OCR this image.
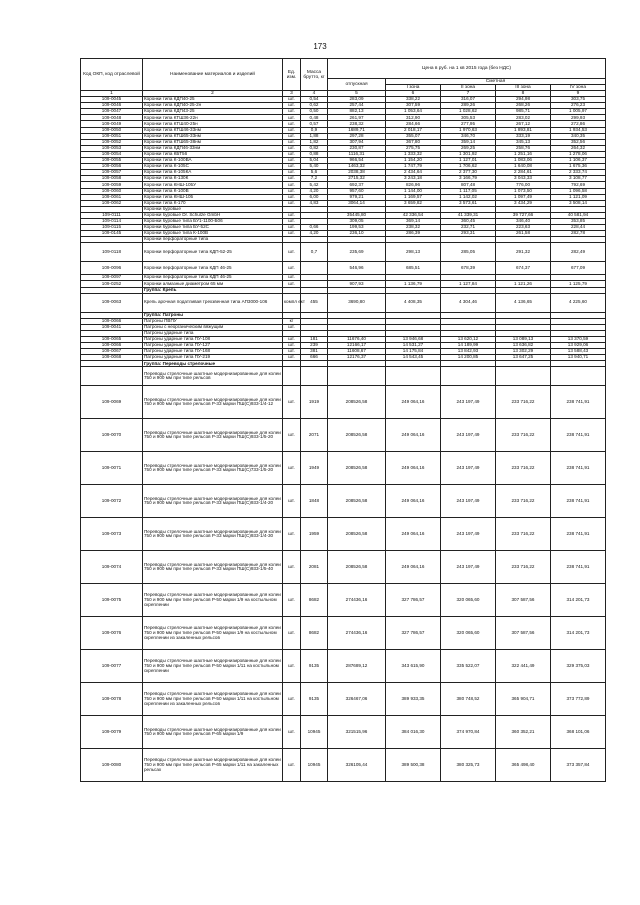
173
Код ОКП, код отраслевой	Наименование материалов и изделий	Ед. изм.	Масса брутто, кг	Цена в руб. на 1 кв 2015 года (без НДС)				
				отпускная	Сметная			
					I зона	II зона	III зона	IV зона
1	2	3	4	5	6	7	8	9
109-0045	Коронки типа КДП40-25	шт.	0,54	283,09	338,22	316,07	294,98	303,75
109-0046	Коронки типа КДП40-25-2н	шт.	0,62	257,44	307,59	289,26	268,26	276,23
109-0047	Коронки типа КДП43-25	шт.	0,50	882,13	1 053,64	1 028,62	985,71	1 005,97
109-0048	Коронки типа КТШ36-22н	шт.	0,48	261,97	312,90	305,53	283,02	299,93
109-0049	Коронки типа КТШ40-25н	шт.	0,57	238,32	284,66	277,95	267,12	272,86
109-0050	Коронки типа КТШ46-33нм	шт.	0,9	1689,71	2 018,17	1 970,63	1 893,81	1 934,53
109-0051	Коронки типа КТШ65-33нм	шт.	1,88	297,28	355,07	346,70	333,19	340,35
109-0052	Коронки типа КТШ65-38нм	шт.	1,82	307,94	367,80	359,14	345,13	352,56
109-0053	Коронки типа КДП46-33нм	шт.	0,82	230,87	275,75	269,25	258,76	264,32
109-0054	Коронки типа КБТ56	шт.	0,88	1116,31	1 333,32	1 301,92	1 251,16	1 278,06
109-0055	Коронки типа К-100ВА	шт.	5,04	966,54	1 154,20	1 127,01	1 083,06	1 106,37
109-0056	Коронки типа К-105С	шт.	5,40	1463,32	1 747,79	1 706,62	1 640,08	1 675,36
109-0057	Коронки типа К-105КА	шт.	5,6	2038,38	2 434,64	2 377,30	2 284,61	2 333,74
109-0058	Коронки типа К-130К	шт.	7,2	2715,32	3 243,18	3 166,79	3 043,33	3 108,77
109-0059	Коронки типа КНШ-105У	шт.	5,42	692,37	826,96	807,48	776,00	792,69
109-0060	Коронки типа К-100В	шт.	4,20	957,60	1 144,00	1 117,05	1 073,50	1 096,58
109-0061	Коронки типа КНШ-105	шт.	6,00	979,21	1 169,57	1 142,02	1 097,49	1 121,09
109-0062	Коронки типа К-170	шт.	4,83	3064,14	3 659,82	3 573,61	3 434,29	3 508,14
	Коронки буровые							
109-0111	Коронки буровые Dr. Schulze GmbH	шт.		35445,80	42 336,54	41 339,31	39 727,66	40 581,94
109-0114	Коронки буровые типа БУ1-1100-Б06	шт.		309,05	369,14	360,45	346,40	353,85
109-0115	Коронки буровые типа БУ-52С	шт.	0,66	199,53	238,32	232,71	223,63	228,44
109-0145	Коронки буровые типа К-100В	шт.	4,20	236,10	286,39	293,31	261,58	282,78
	Коронки перфораторные типа							
109-0118	Коронки перфораторные типа КДП-52-25	шт.	0,7	235,69	298,13	285,05	291,32	282,49
109-0096	Коронки перфораторные типа КДП 46-25	шт.		546,96	685,51	678,39	674,37	677,09
109-0097	Коронки перфораторные типа КДП 46-25	шт.						
109-0252	Коронки алмазные диаметром 65 мм	шт.		907,93	1 136,79	1 127,84	1 121,26	1 125,79
	Группа: Крепь							
109-0063	Крепь арочная податливая трехзвенная типа АП3000-106	компл ект	455	3690,80	4 408,35	4 304,46	4 136,65	4 225,60
	Группа: Патроны							
109-0066	Патроны ПВПУ	кг						
109-0041	Патроны с неорганическим вяжущим	шт.						
	Патроны ударные типа							
109-0065	Патроны ударные типа ПУ-108	шт.	181	11676,40	13 946,68	13 620,12	13 089,13	13 370,59
109-0066	Патроны ударные типа ПУ-127	шт.	239	12166,17	14 531,27	14 189,99	13 636,82	13 929,06
109-0067	Патроны ударные типа ПУ-168	шт.	381	11608,67	14 175,84	13 842,93	13 302,29	13 588,43
109-0068	Патроны ударные типа ПУ-219	шт.	666	12176,37	14 543,45	14 200,85	13 647,25	13 940,71
	Группа: Переводы стрелочные							
	Переводы стрелочные шахтные модернизированные для колеи 750 и 900 мм при типе рельсов							
109-0069	Переводы стрелочные шахтные модернизированные для колеи 750 и 900 мм при типе рельсов Р-33 марки ПШ(С)933-1/4-12	шт.	1919	208526,58	249 064,16	243 197,49	233 716,22	238 741,91
109-0070	Переводы стрелочные шахтные модернизированные для колеи 750 и 900 мм при типе рельсов Р-33 марки ПШ(С)933-1/5-20	шт.	2071	208526,58	249 064,16	243 197,49	233 716,22	238 741,91
109-0071	Переводы стрелочные шахтные модернизированные для колеи 750 и 900 мм при типе рельсов Р-33 марки ПШ(С)733-1/5-20	шт.	1949	208526,58	249 064,16	243 197,49	233 716,22	238 741,91
109-0072	Переводы стрелочные шахтные модернизированные для колеи 750 и 900 мм при типе рельсов Р-33 марки ПШ(С)933-1/4-20	шт.	1848	208526,58	249 064,16	243 197,49	233 716,22	238 741,91
109-0073	Переводы стрелочные шахтные модернизированные для колеи 750 и 900 мм при типе рельсов Р-33 марки ПШ(С)933-1/4-30	шт.	1959	208526,58	249 064,16	243 197,49	233 716,22	238 741,91
109-0074	Переводы стрелочные шахтные модернизированные для колеи 750 и 900 мм при типе рельсов Р-33 марки ПШ(С)933-1/5-40	шт.	2081	208526,58	249 064,16	243 197,49	233 716,22	238 741,91
109-0075	Переводы стрелочные шахтные модернизированные для колеи 750 и 900 мм при типе рельсов Р-50 марки 1/9 на костыльном скреплении	шт.	8682	274436,16	327 786,57	320 065,60	307 587,56	314 201,73
109-0076	Переводы стрелочные шахтные модернизированные для колеи 750 и 900 мм при типе рельсов Р-50 марки 1/9 на костыльном скреплении из закаленных рельсов	шт.	8682	274436,16	327 786,57	320 065,60	307 587,56	314 201,73
109-0077	Переводы стрелочные шахтные модернизированные для колеи 750 и 900 мм при типе рельсов Р-50 марки 1/11 на костыльном скреплении	шт.	9135	287689,12	343 615,90	335 522,07	322 441,49	329 375,03
109-0078	Переводы стрелочные шахтные модернизированные для колеи 750 и 900 мм при типе рельсов Р-50 марки 1/11 на костыльном скреплении из закаленных рельсов	шт.	9135	326467,06	389 933,35	380 748,52	365 904,71	373 772,89
109-0079	Переводы стрелочные шахтные модернизированные для колеи 750 и 900 мм при типе рельсов Р-65 марки 1/9	шт.	10945	321515,96	384 016,30	374 970,84	360 352,21	368 101,06
109-0080	Переводы стрелочные шахтные модернизированные для колеи 750 и 900 мм при типе рельсов Р-65 марки 1/11 на закаленных рельсах	шт.	10945	326105,44	389 500,38	380 325,73	365 498,40	373 357,84
